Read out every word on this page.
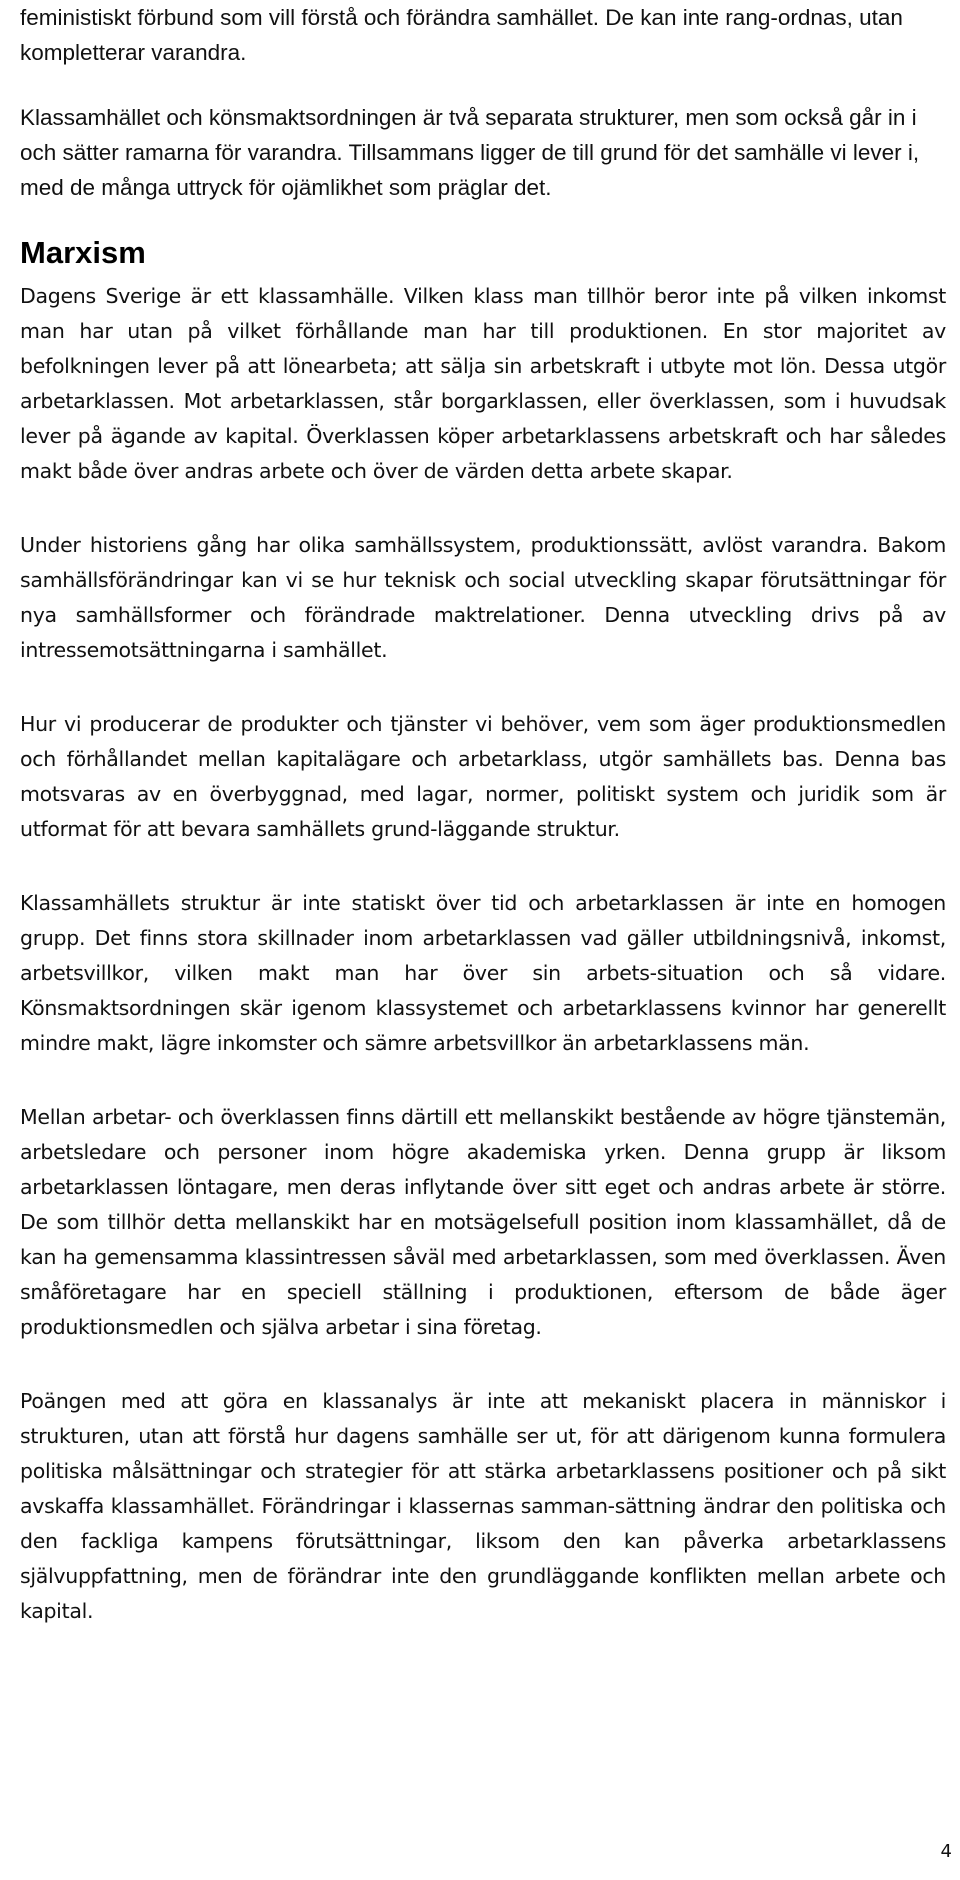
feministiskt förbund som vill förstå och förändra samhället. De kan inte rang-ordnas, utan kompletterar varandra.

Klassamhället och könsmaktsordningen är två separata strukturer, men som också går in i och sätter ramarna för varandra. Tillsammans ligger de till grund för det samhälle vi lever i, med de många uttryck för ojämlikhet som präglar det.

Marxism

Dagens Sverige är ett klassamhälle. Vilken klass man tillhör beror inte på vilken inkomst man har utan på vilket förhållande man har till produktionen. En stor majoritet av befolkningen lever på att lönearbeta; att sälja sin arbetskraft i utbyte mot lön. Dessa utgör arbetarklassen. Mot arbetarklassen, står borgarklassen, eller överklassen, som i huvudsak lever på ägande av kapital. Överklassen köper arbetarklassens arbetskraft och har således makt både över andras arbete och över de värden detta arbete skapar.

Under historiens gång har olika samhällssystem, produktionssätt, avlöst varandra. Bakom samhällsförändringar kan vi se hur teknisk och social utveckling skapar förutsättningar för nya samhällsformer och förändrade maktrelationer. Denna utveckling drivs på av intressemotsättningarna i samhället.

Hur vi producerar de produkter och tjänster vi behöver, vem som äger produktionsmedlen och förhållandet mellan kapitalägare och arbetarklass, utgör samhällets bas. Denna bas motsvaras av en överbyggnad, med lagar, normer, politiskt system och juridik som är utformat för att bevara samhällets grund-läggande struktur.

Klassamhällets struktur är inte statiskt över tid och arbetarklassen är inte en homogen grupp. Det finns stora skillnader inom arbetarklassen vad gäller utbildningsnivå, inkomst, arbetsvillkor, vilken makt man har över sin arbets-situation och så vidare. Könsmaktsordningen skär igenom klassystemet och arbetarklassens kvinnor har generellt mindre makt, lägre inkomster och sämre arbetsvillkor än arbetarklassens män.

Mellan arbetar- och överklassen finns därtill ett mellanskikt bestående av högre tjänstemän, arbetsledare och personer inom högre akademiska yrken. Denna grupp är liksom arbetarklassen löntagare, men deras inflytande över sitt eget och andras arbete är större. De som tillhör detta mellanskikt har en motsägelsefull position inom klassamhället, då de kan ha gemensamma klassintressen såväl med arbetarklassen, som med överklassen. Även småföretagare har en speciell ställning i produktionen, eftersom de både äger produktionsmedlen och själva arbetar i sina företag.

Poängen med att göra en klassanalys är inte att mekaniskt placera in människor i strukturen, utan att förstå hur dagens samhälle ser ut, för att därigenom kunna formulera politiska målsättningar och strategier för att stärka arbetarklassens positioner och på sikt avskaffa klassamhället. Förändringar i klassernas samman-sättning ändrar den politiska och den fackliga kampens förutsättningar, liksom den kan påverka arbetarklassens självuppfattning, men de förändrar inte den grundläggande konflikten mellan arbete och kapital.

4
